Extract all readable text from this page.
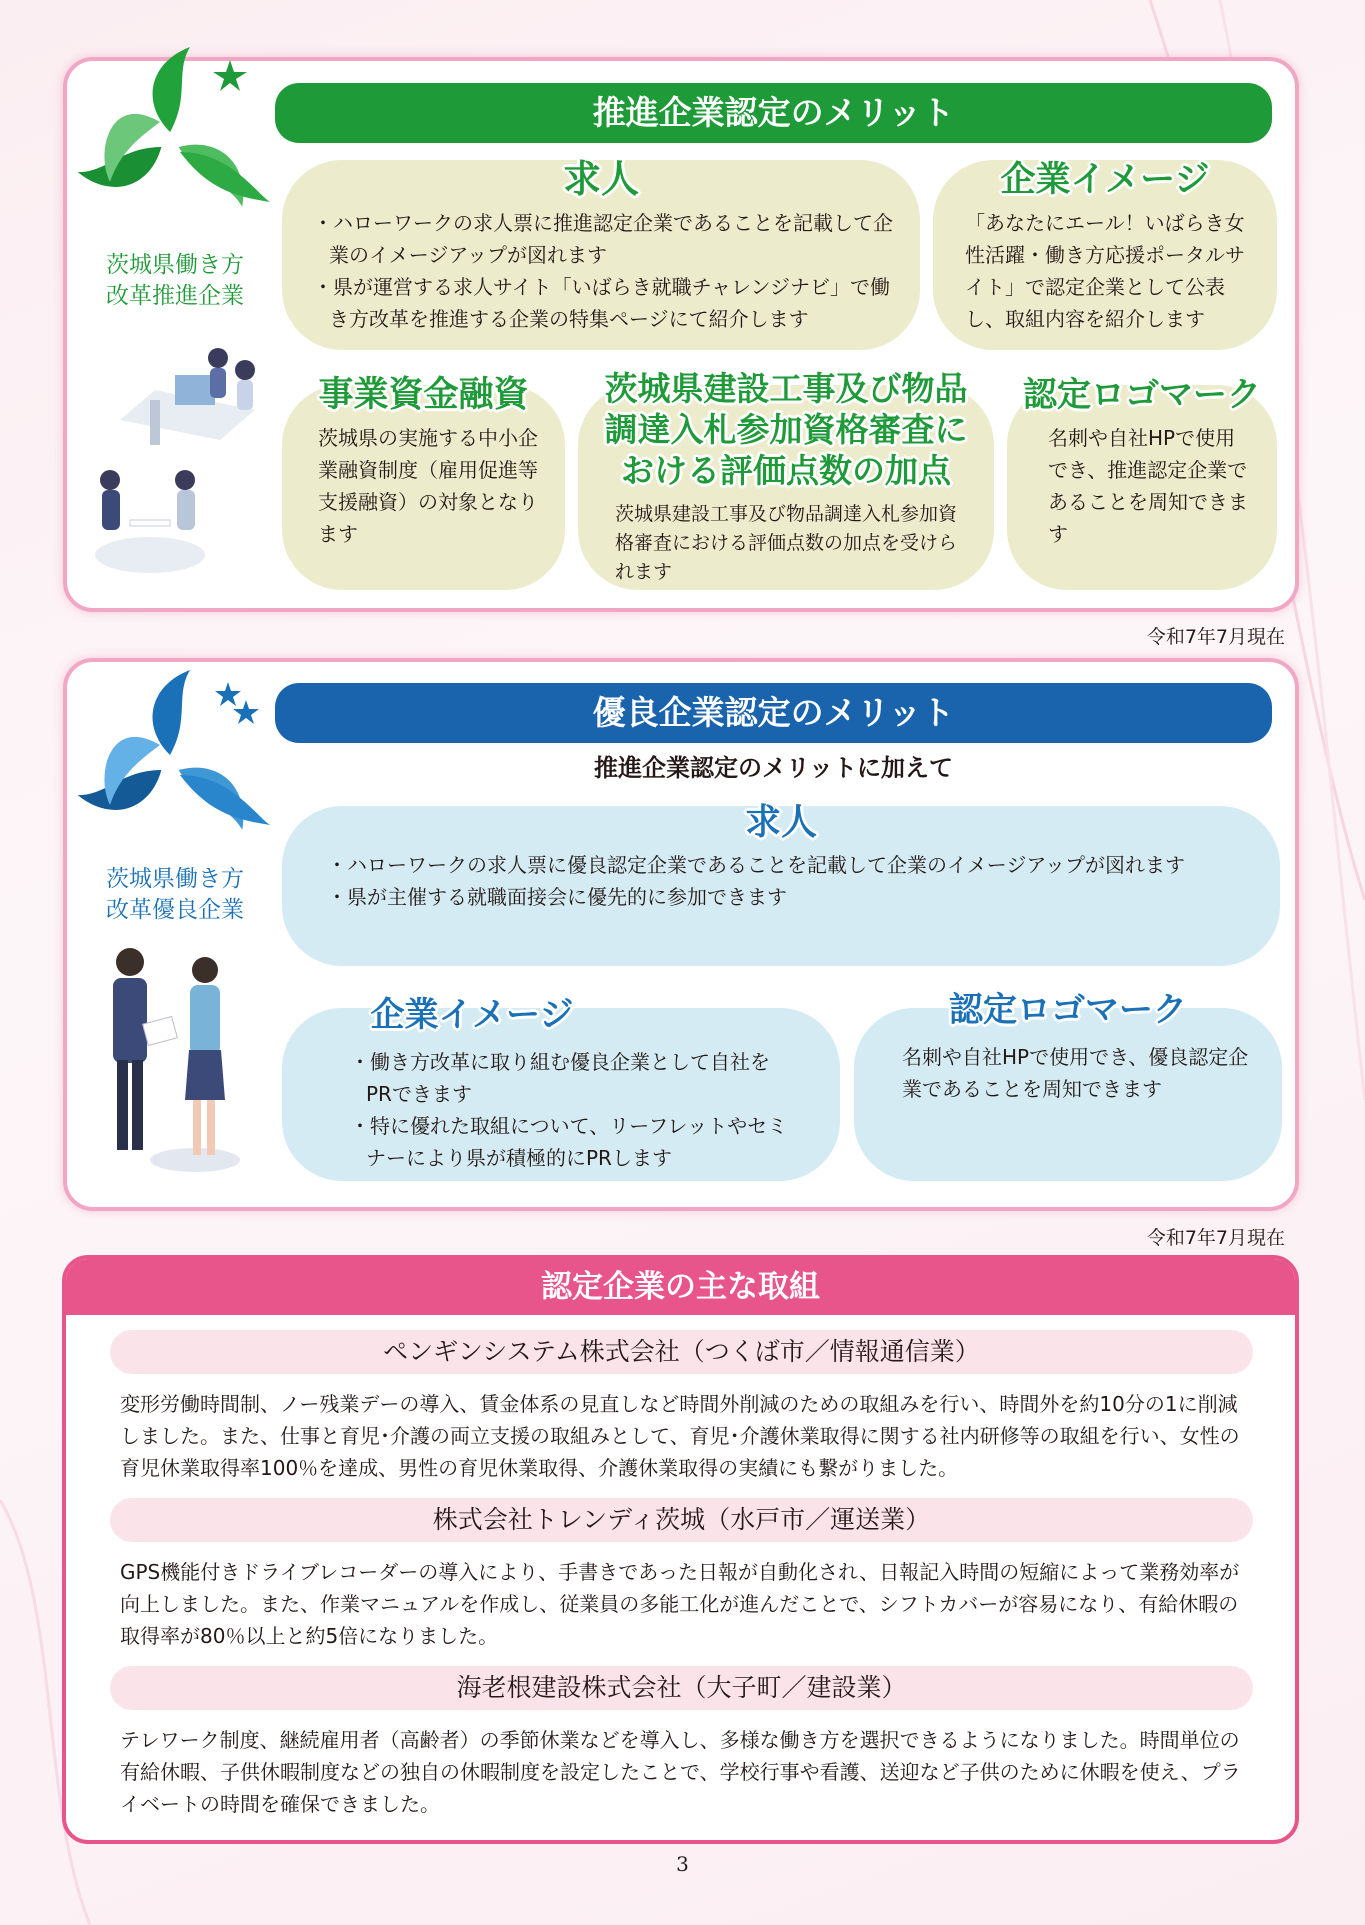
茨城県働き方
改革推進企業
推進企業認定のメリット
求人

・ハローワークの求人票に推進認定企業であることを記載して企業のイメージアップが図れます

・県が運営する求人サイト「いばらき就職チャレンジナビ」で働き方改革を推進する企業の特集ページにて紹介します

企業イメージ
「あなたにエール！いばらき女性活躍・働き方応援ポータルサイト」で認定企業として公表し、取組内容を紹介します
事業資金融資
茨城県の実施する中小企業融資制度（雇用促進等支援融資）の対象となります
茨城県建設工事及び物品
調達入札参加資格審査に
おける評価点数の加点
茨城県建設工事及び物品調達入札参加資格審査における評価点数の加点を受けられます
認定ロゴマーク
名刺や自社HPで使用でき、推進認定企業であることを周知できます
令和7年7月現在
茨城県働き方
改革優良企業
優良企業認定のメリット
推進企業認定のメリットに加えて
求人

・ハローワークの求人票に優良認定企業であることを記載して企業のイメージアップが図れます

・県が主催する就職面接会に優先的に参加できます

企業イメージ

・働き方改革に取り組む優良企業として自社をPRできます

・特に優れた取組について、リーフレットやセミナーにより県が積極的にPRします

認定ロゴマーク
名刺や自社HPで使用でき、優良認定企業であることを周知できます
令和7年7月現在
認定企業の主な取組
ペンギンシステム株式会社（つくば市／情報通信業）
変形労働時間制、ノー残業デーの導入、賃金体系の見直しなど時間外削減のための取組みを行い、時間外を約10分の1に削減しました。また、仕事と育児･介護の両立支援の取組みとして、育児･介護休業取得に関する社内研修等の取組を行い、女性の育児休業取得率100％を達成、男性の育児休業取得、介護休業取得の実績にも繋がりました。
株式会社トレンディ茨城（水戸市／運送業）
GPS機能付きドライブレコーダーの導入により、手書きであった日報が自動化され、日報記入時間の短縮によって業務効率が向上しました。また、作業マニュアルを作成し、従業員の多能工化が進んだことで、シフトカバーが容易になり、有給休暇の取得率が80％以上と約5倍になりました。
海老根建設株式会社（大子町／建設業）
テレワーク制度、継続雇用者（高齢者）の季節休業などを導入し、多様な働き方を選択できるようになりました。時間単位の有給休暇、子供休暇制度などの独自の休暇制度を設定したことで、学校行事や看護、送迎など子供のために休暇を使え、プライベートの時間を確保できました。
3
